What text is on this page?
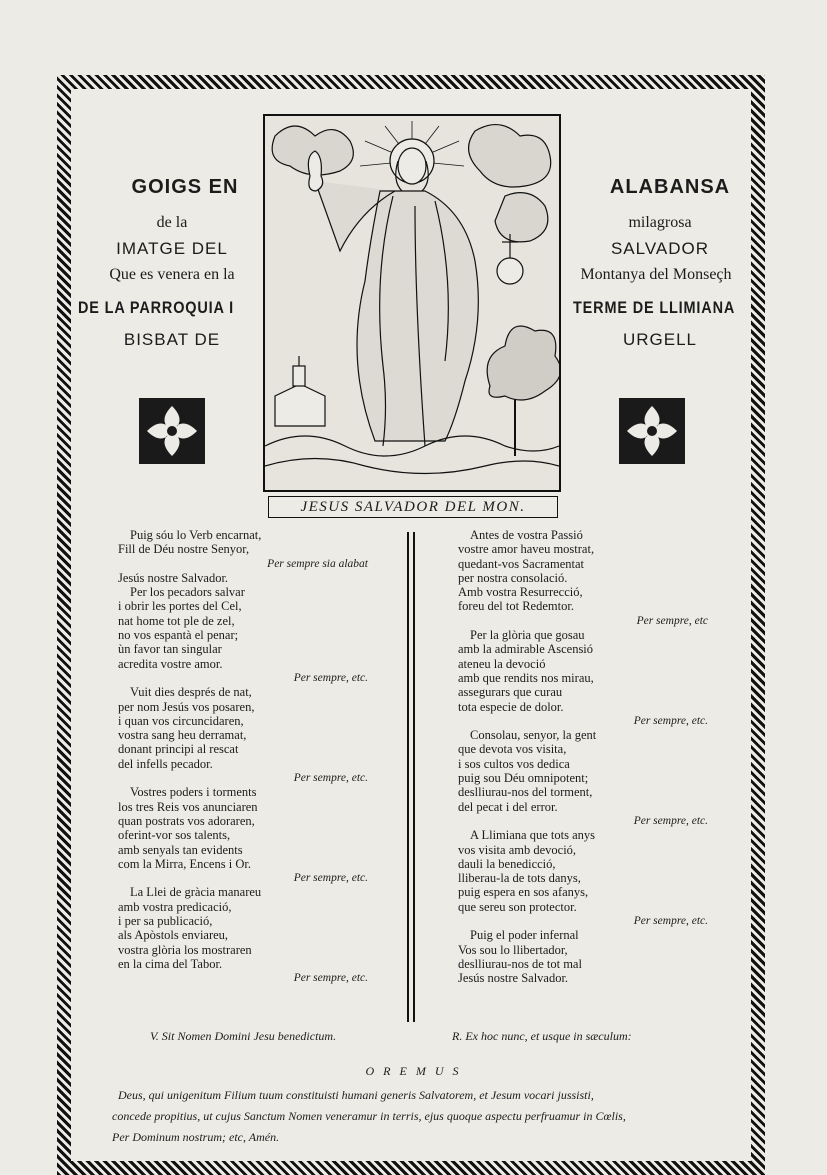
GOIGS EN
de la
IMATGE DEL
Que es venera en la
DE LA PARROQUIA I
BISBAT DE
ALABANSA
milagrosa
SALVADOR
Montanya del Monseçh
TERME DE LLIMIANA
URGELL
JESUS SALVADOR DEL MON.
Puig sóu lo Verb encarnat,
Fill de Déu nostre Senyor,
Per sempre sia alabat
Jesús nostre Salvador.
Per los pecadors salvar
i obrir les portes del Cel,
nat home tot ple de zel,
no vos espantà el penar;
ùn favor tan singular
acredita vostre amor.
Per sempre, etc.
Vuit dies després de nat,
per nom Jesús vos posaren,
i quan vos circuncidaren,
vostra sang heu derramat,
donant principi al rescat
del infells pecador.
Per sempre, etc.
Vostres poders i torments
los tres Reis vos anunciaren
quan postrats vos adoraren,
oferint-vor sos talents,
amb senyals tan evidents
com la Mirra, Encens i Or.
Per sempre, etc.
La Llei de gràcia manareu
amb vostra predicació,
i per sa publicació,
als Apòstols enviareu,
vostra glòria los mostraren
en la cima del Tabor.
Per sempre, etc.
Antes de vostra Passió
vostre amor haveu mostrat,
quedant-vos Sacramentat
per nostra consolació.
Amb vostra Resurrecció,
foreu del tot Redemtor.
Per sempre, etc
Per la glòria que gosau
amb la admirable Ascensió
ateneu la devoció
amb que rendits nos mirau,
assegurars que curau
tota especie de dolor.
Per sempre, etc.
Consolau, senyor, la gent
que devota vos visita,
i sos cultos vos dedica
puig sou Déu omnipotent;
deslliurau-nos del torment,
del pecat i del error.
Per sempre, etc.
A Llimiana que tots anys
vos visita amb devoció,
dauli la benedicció,
lliberau-la de tots danys,
puig espera en sos afanys,
que sereu son protector.
Per sempre, etc.
Puig el poder infernal
Vos sou lo llibertador,
deslliurau-nos de tot mal
Jesús nostre Salvador.
V. Sit Nomen Domini Jesu benedictum.	R. Ex hoc nunc, et usque in sæculum:
O R E M U S
Deus, qui unigenitum Filium tuum constituisti humani generis Salvatorem, et Jesum vocari jussisti,
concede propitius, ut cujus Sanctum Nomen veneramur in terris, ejus quoque aspectu perfruamur in Cœlis,
Per Dominum nostrum; etc, Amén.
